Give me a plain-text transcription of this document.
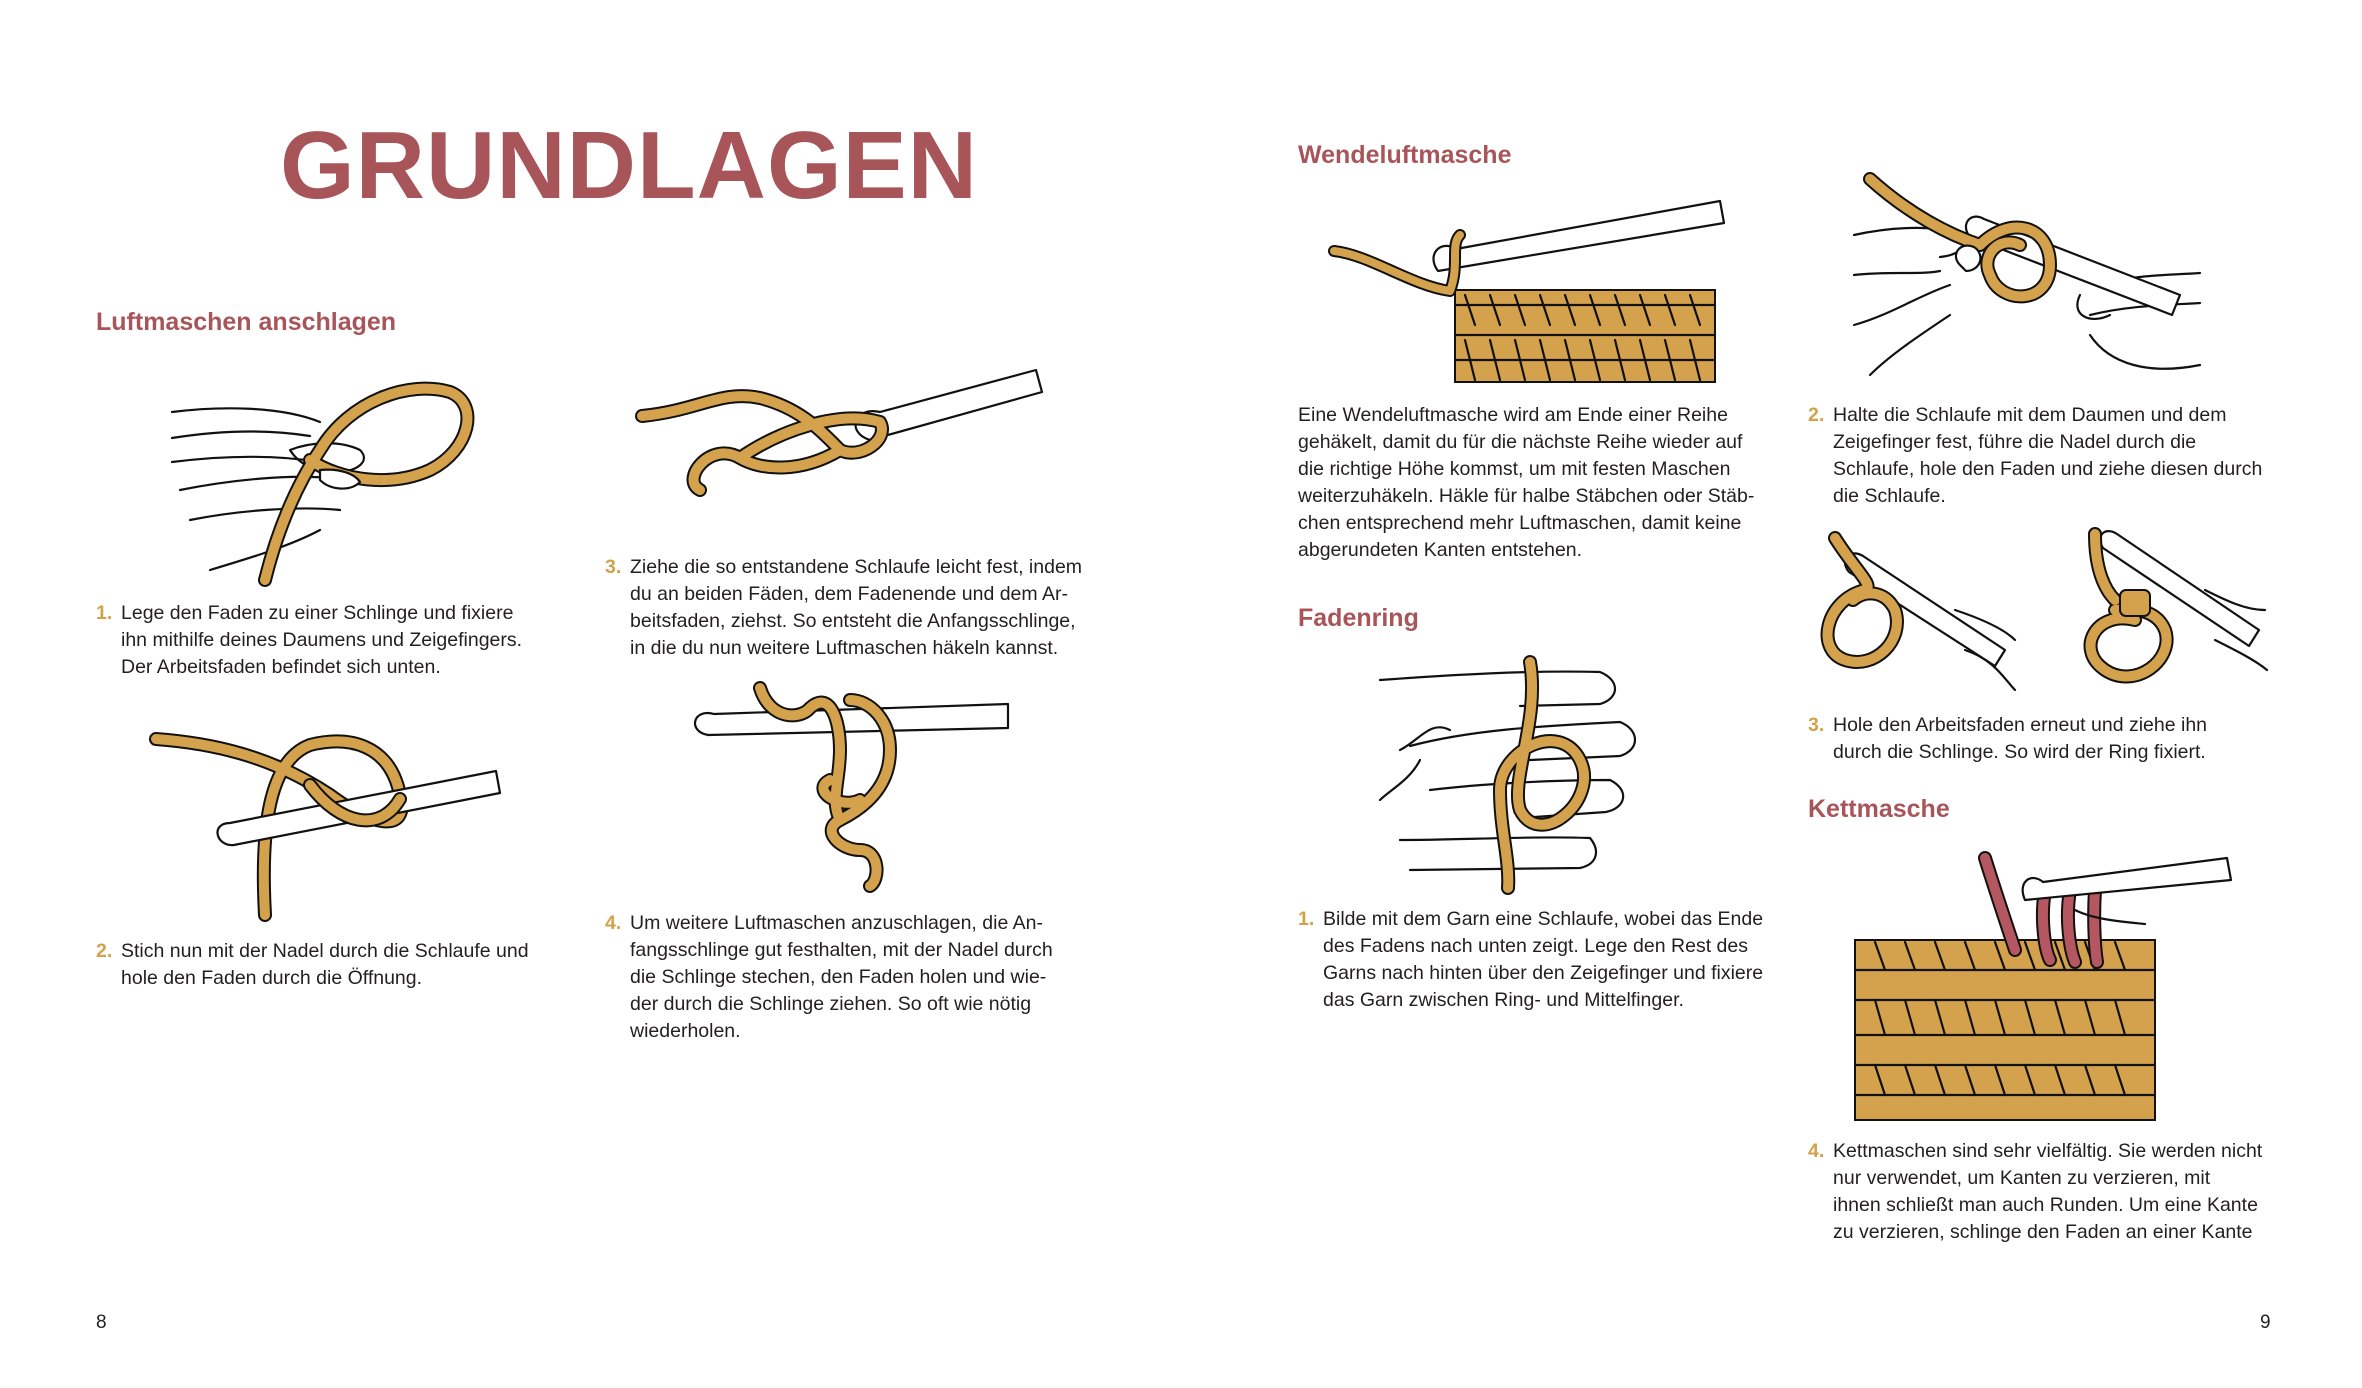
GRUNDLAGEN
Luftmaschen anschlagen
1. Lege den Faden zu einer Schlinge und fixiere
ihn mithilfe deines Daumens und Zeigefingers.
Der Arbeitsfaden befindet sich unten.
2. Stich nun mit der Nadel durch die Schlaufe und
hole den Faden durch die Öffnung.
3. Ziehe die so entstandene Schlaufe leicht fest, indem
du an beiden Fäden, dem Fadenende und dem Ar-
beitsfaden, ziehst. So entsteht die Anfangsschlinge,
in die du nun weitere Luftmaschen häkeln kannst.
4. Um weitere Luftmaschen anzuschlagen, die An-
fangsschlinge gut festhalten, mit der Nadel durch
die Schlinge stechen, den Faden holen und wie-
der durch die Schlinge ziehen. So oft wie nötig
wiederholen.
8
Wendeluftmasche
Eine Wendeluftmasche wird am Ende einer Reihe
gehäkelt, damit du für die nächste Reihe wieder auf
die richtige Höhe kommst, um mit festen Maschen
weiterzuhäkeln. Häkle für halbe Stäbchen oder Stäb-
chen entsprechend mehr Luftmaschen, damit keine
abgerundeten Kanten entstehen.
Fadenring
1. Bilde mit dem Garn eine Schlaufe, wobei das Ende
des Fadens nach unten zeigt. Lege den Rest des
Garns nach hinten über den Zeigefinger und fixiere
das Garn zwischen Ring- und Mittelfinger.
2. Halte die Schlaufe mit dem Daumen und dem
Zeigefinger fest, führe die Nadel durch die
Schlaufe, hole den Faden und ziehe diesen durch
die Schlaufe.
3. Hole den Arbeitsfaden erneut und ziehe ihn
durch die Schlinge. So wird der Ring fixiert.
Kettmasche
4. Kettmaschen sind sehr vielfältig. Sie werden nicht
nur verwendet, um Kanten zu verzieren, mit
ihnen schließt man auch Runden. Um eine Kante
zu verzieren, schlinge den Faden an einer Kante
9
